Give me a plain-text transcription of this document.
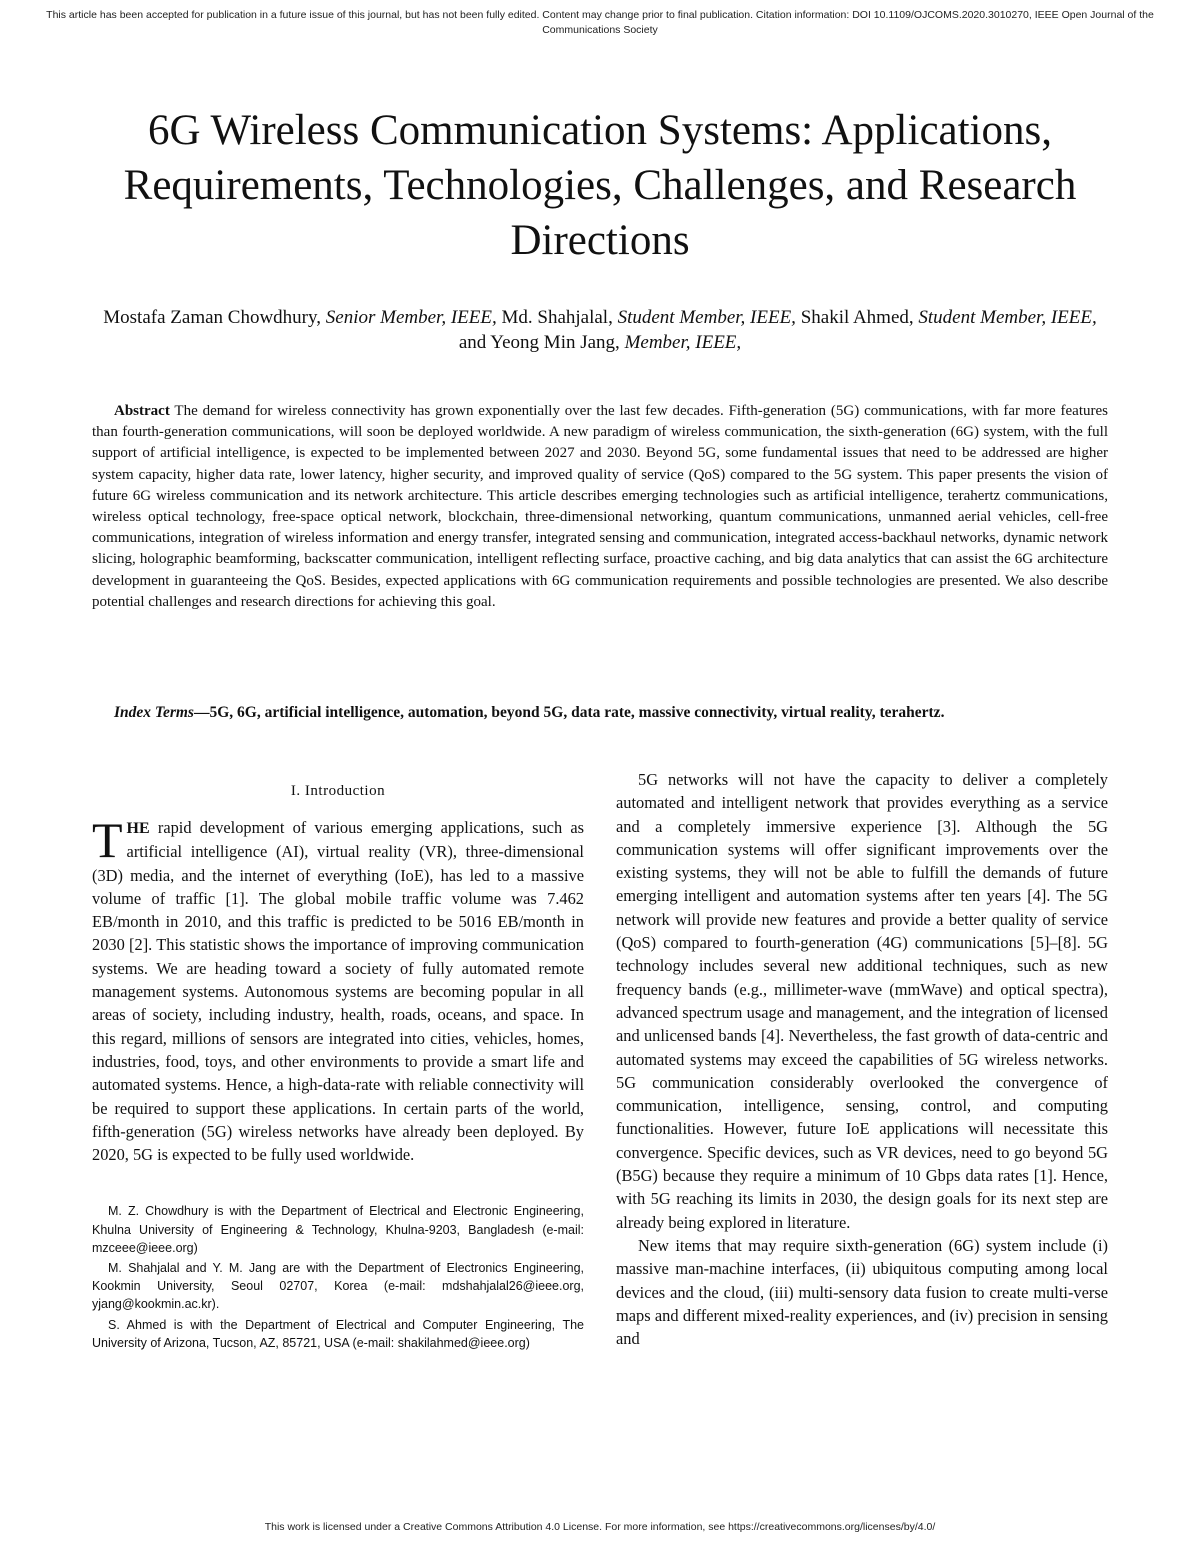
This article has been accepted for publication in a future issue of this journal, but has not been fully edited. Content may change prior to final publication. Citation information: DOI 10.1109/OJCOMS.2020.3010270, IEEE Open Journal of the Communications Society
6G Wireless Communication Systems: Applications, Requirements, Technologies, Challenges, and Research Directions
Mostafa Zaman Chowdhury, Senior Member, IEEE, Md. Shahjalal, Student Member, IEEE, Shakil Ahmed, Student Member, IEEE, and Yeong Min Jang, Member, IEEE,

Abstract The demand for wireless connectivity has grown exponentially over the last few decades. Fifth-generation (5G) communications, with far more features than fourth-generation communications, will soon be deployed worldwide. A new paradigm of wireless communication, the sixth-generation (6G) system, with the full support of artificial intelligence, is expected to be implemented between 2027 and 2030. Beyond 5G, some fundamental issues that need to be addressed are higher system capacity, higher data rate, lower latency, higher security, and improved quality of service (QoS) compared to the 5G system. This paper presents the vision of future 6G wireless communication and its network architecture. This article describes emerging technologies such as artificial intelligence, terahertz communications, wireless optical technology, free-space optical network, blockchain, three-dimensional networking, quantum communications, unmanned aerial vehicles, cell-free communications, integration of wireless information and energy transfer, integrated sensing and communication, integrated access-backhaul networks, dynamic network slicing, holographic beamforming, backscatter communication, intelligent reflecting surface, proactive caching, and big data analytics that can assist the 6G architecture development in guaranteeing the QoS. Besides, expected applications with 6G communication requirements and possible technologies are presented. We also describe potential challenges and research directions for achieving this goal.

Index Terms—5G, 6G, artificial intelligence, automation, beyond 5G, data rate, massive connectivity, virtual reality, terahertz.

I. Introduction

THE rapid development of various emerging applications, such as artificial intelligence (AI), virtual reality (VR), three-dimensional (3D) media, and the internet of everything (IoE), has led to a massive volume of traffic [1]. The global mobile traffic volume was 7.462 EB/month in 2010, and this traffic is predicted to be 5016 EB/month in 2030 [2]. This statistic shows the importance of improving communication systems. We are heading toward a society of fully automated remote management systems. Autonomous systems are becoming popular in all areas of society, including industry, health, roads, oceans, and space. In this regard, millions of sensors are integrated into cities, vehicles, homes, industries, food, toys, and other environments to provide a smart life and automated systems. Hence, a high-data-rate with reliable connectivity will be required to support these applications. In certain parts of the world, fifth-generation (5G) wireless networks have already been deployed. By 2020, 5G is expected to be fully used worldwide.

M. Z. Chowdhury is with the Department of Electrical and Electronic Engineering, Khulna University of Engineering & Technology, Khulna-9203, Bangladesh (e-mail: mzceee@ieee.org)

M. Shahjalal and Y. M. Jang are with the Department of Electronics Engineering, Kookmin University, Seoul 02707, Korea (e-mail: mdshahjalal26@ieee.org, yjang@kookmin.ac.kr).

S. Ahmed is with the Department of Electrical and Computer Engineering, The University of Arizona, Tucson, AZ, 85721, USA (e-mail: shakilahmed@ieee.org)

5G networks will not have the capacity to deliver a completely automated and intelligent network that provides everything as a service and a completely immersive experience [3]. Although the 5G communication systems will offer significant improvements over the existing systems, they will not be able to fulfill the demands of future emerging intelligent and automation systems after ten years [4]. The 5G network will provide new features and provide a better quality of service (QoS) compared to fourth-generation (4G) communications [5]–[8]. 5G technology includes several new additional techniques, such as new frequency bands (e.g., millimeter-wave (mmWave) and optical spectra), advanced spectrum usage and management, and the integration of licensed and unlicensed bands [4]. Nevertheless, the fast growth of data-centric and automated systems may exceed the capabilities of 5G wireless networks. 5G communication considerably overlooked the convergence of communication, intelligence, sensing, control, and computing functionalities. However, future IoE applications will necessitate this convergence. Specific devices, such as VR devices, need to go beyond 5G (B5G) because they require a minimum of 10 Gbps data rates [1]. Hence, with 5G reaching its limits in 2030, the design goals for its next step are already being explored in literature.

New items that may require sixth-generation (6G) system include (i) massive man-machine interfaces, (ii) ubiquitous computing among local devices and the cloud, (iii) multi-sensory data fusion to create multi-verse maps and different mixed-reality experiences, and (iv) precision in sensing and

This work is licensed under a Creative Commons Attribution 4.0 License. For more information, see https://creativecommons.org/licenses/by/4.0/
